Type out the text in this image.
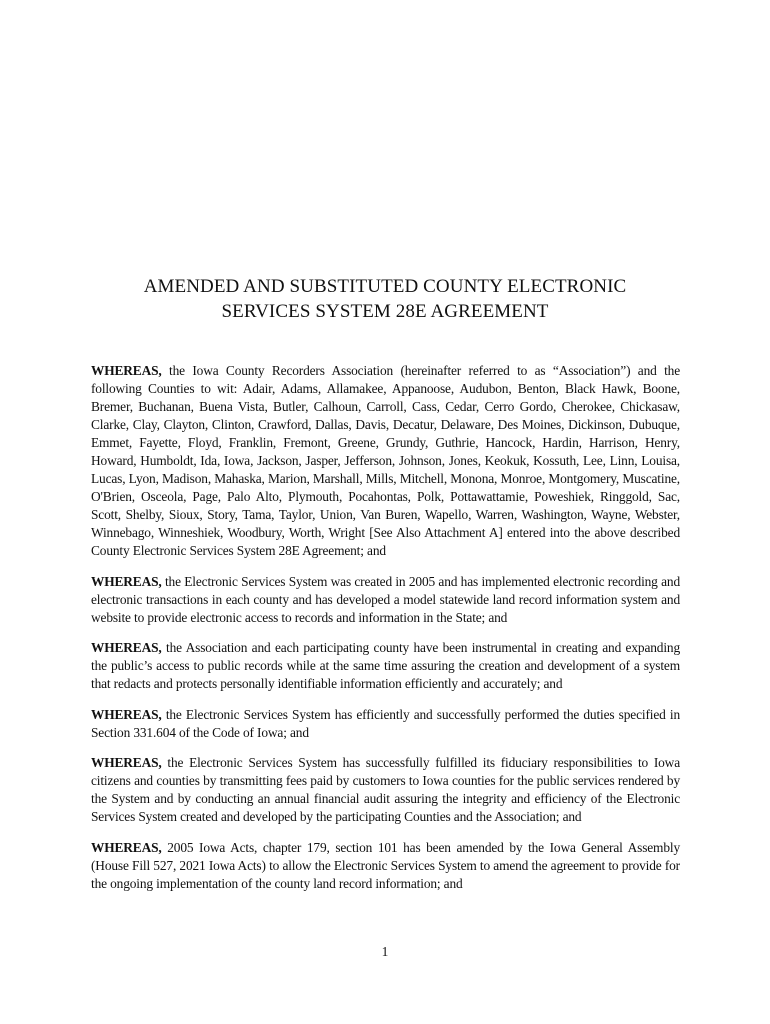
AMENDED AND SUBSTITUTED COUNTY ELECTRONIC
SERVICES SYSTEM 28E AGREEMENT

WHEREAS, the Iowa County Recorders Association (hereinafter referred to as “Association”) and the following Counties to wit: Adair, Adams, Allamakee, Appanoose, Audubon, Benton, Black Hawk, Boone, Bremer, Buchanan, Buena Vista, Butler, Calhoun, Carroll, Cass, Cedar, Cerro Gordo, Cherokee, Chickasaw, Clarke, Clay, Clayton, Clinton, Crawford, Dallas, Davis, Decatur, Delaware, Des Moines, Dickinson, Dubuque, Emmet, Fayette, Floyd, Franklin, Fremont, Greene, Grundy, Guthrie, Hancock, Hardin, Harrison, Henry, Howard, Humboldt, Ida, Iowa, Jackson, Jasper, Jefferson, Johnson, Jones, Keokuk, Kossuth, Lee, Linn, Louisa, Lucas, Lyon, Madison, Mahaska, Marion, Marshall, Mills, Mitchell, Monona, Monroe, Montgomery, Muscatine, O'Brien, Osceola, Page, Palo Alto, Plymouth, Pocahontas, Polk, Pottawattamie, Poweshiek, Ringgold, Sac, Scott, Shelby, Sioux, Story, Tama, Taylor, Union, Van Buren, Wapello, Warren, Washington, Wayne, Webster, Winnebago, Winneshiek, Woodbury, Worth, Wright [See Also Attachment A] entered into the above described County Electronic Services System 28E Agreement; and

WHEREAS, the Electronic Services System was created in 2005 and has implemented electronic recording and electronic transactions in each county and has developed a model statewide land record information system and website to provide electronic access to records and information in the State; and

WHEREAS, the Association and each participating county have been instrumental in creating and expanding the public’s access to public records while at the same time assuring the creation and development of a system that redacts and protects personally identifiable information efficiently and accurately; and

WHEREAS, the Electronic Services System has efficiently and successfully performed the duties specified in Section 331.604 of the Code of Iowa; and

WHEREAS, the Electronic Services System has successfully fulfilled its fiduciary responsibilities to Iowa citizens and counties by transmitting fees paid by customers to Iowa counties for the public services rendered by the System and by conducting an annual financial audit assuring the integrity and efficiency of the Electronic Services System created and developed by the participating Counties and the Association; and

WHEREAS, 2005 Iowa Acts, chapter 179, section 101 has been amended by the Iowa General Assembly (House Fill 527, 2021 Iowa Acts) to allow the Electronic Services System to amend the agreement to provide for the ongoing implementation of the county land record information; and

1
